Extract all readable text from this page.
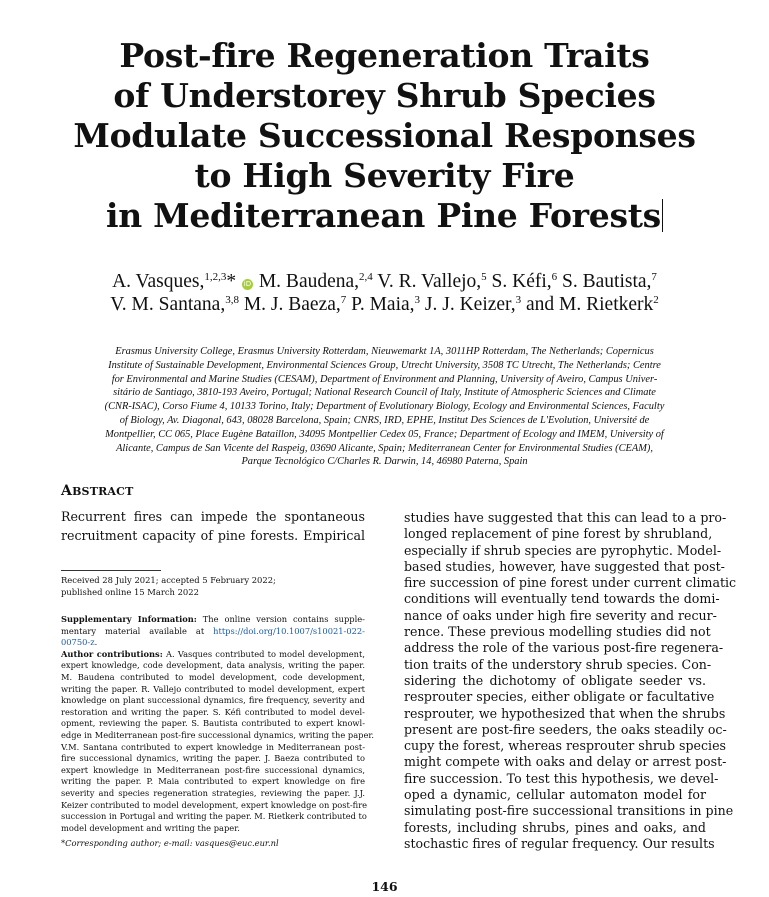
Post-fire Regeneration Traits
of Understorey Shrub Species
Modulate Successional Responses
to High Severity Fire
in Mediterranean Pine Forests
A. Vasques,$^{1,2,3}$* iD M. Baudena,$^{2,4}$ V. R. Vallejo,$^5$ S. Kéfi,$^6$ S. Bautista,$^7$
V. M. Santana,$^{3,8}$ M. J. Baeza,$^7$ P. Maia,$^3$ J. J. Keizer,$^3$ and M. Rietkerk$^2$
Erasmus University College, Erasmus University Rotterdam, Nieuwemarkt 1A, 3011HP Rotterdam, The Netherlands; Copernicus
Institute of Sustainable Development, Environmental Sciences Group, Utrecht University, 3508 TC Utrecht, The Netherlands; Centre
for Environmental and Marine Studies (CESAM), Department of Environment and Planning, University of Aveiro, Campus Univer-
sitário de Santiago, 3810-193 Aveiro, Portugal; National Research Council of Italy, Institute of Atmospheric Sciences and Climate
(CNR-ISAC), Corso Fiume 4, 10133 Torino, Italy; Department of Evolutionary Biology, Ecology and Environmental Sciences, Faculty
of Biology, Av. Diagonal, 643, 08028 Barcelona, Spain; CNRS, IRD, EPHE, Institut Des Sciences de L'Evolution, Université de
Montpellier, CC 065, Place Eugène Bataillon, 34095 Montpellier Cedex 05, France; Department of Ecology and IMEM, University of
Alicante, Campus de San Vicente del Raspeig, 03690 Alicante, Spain; Mediterranean Center for Environmental Studies (CEAM),
Parque Tecnológico C/Charles R. Darwin, 14, 46980 Paterna, Spain
ABSTRACT
Recurrent fires can impede the spontaneous
recruitment capacity of pine forests. Empirical
Received 28 July 2021; accepted 5 February 2022;
published online 15 March 2022
Supplementary Information: The online version contains supple-
mentary material available at https://doi.org/10.1007/s10021-022-
00750-z.
Author contributions: A. Vasques contributed to model development,
expert knowledge, code development, data analysis, writing the paper.
M. Baudena contributed to model development, code development,
writing the paper. R. Vallejo contributed to model development, expert
knowledge on plant successional dynamics, fire frequency, severity and
restoration and writing the paper. S. Kéfi contributed to model devel-
opment, reviewing the paper. S. Bautista contributed to expert knowl-
edge in Mediterranean post-fire successional dynamics, writing the paper.
V.M. Santana contributed to expert knowledge in Mediterranean post-
fire successional dynamics, writing the paper. J. Baeza contributed to
expert knowledge in Mediterranean post-fire successional dynamics,
writing the paper. P. Maia contributed to expert knowledge on fire
severity and species regeneration strategies, reviewing the paper. J.J.
Keizer contributed to model development, expert knowledge on post-fire
succession in Portugal and writing the paper. M. Rietkerk contributed to
model development and writing the paper.
*Corresponding author; e-mail: vasques@euc.eur.nl
studies have suggested that this can lead to a pro-
longed replacement of pine forest by shrubland,
especially if shrub species are pyrophytic. Model-
based studies, however, have suggested that post-
fire succession of pine forest under current climatic
conditions will eventually tend towards the domi-
nance of oaks under high fire severity and recur-
rence. These previous modelling studies did not
address the role of the various post-fire regenera-
tion traits of the understory shrub species. Con-
sidering the dichotomy of obligate seeder vs.
resprouter species, either obligate or facultative
resprouter, we hypothesized that when the shrubs
present are post-fire seeders, the oaks steadily oc-
cupy the forest, whereas resprouter shrub species
might compete with oaks and delay or arrest post-
fire succession. To test this hypothesis, we devel-
oped a dynamic, cellular automaton model for
simulating post-fire successional transitions in pine
forests, including shrubs, pines and oaks, and
stochastic fires of regular frequency. Our results
146
